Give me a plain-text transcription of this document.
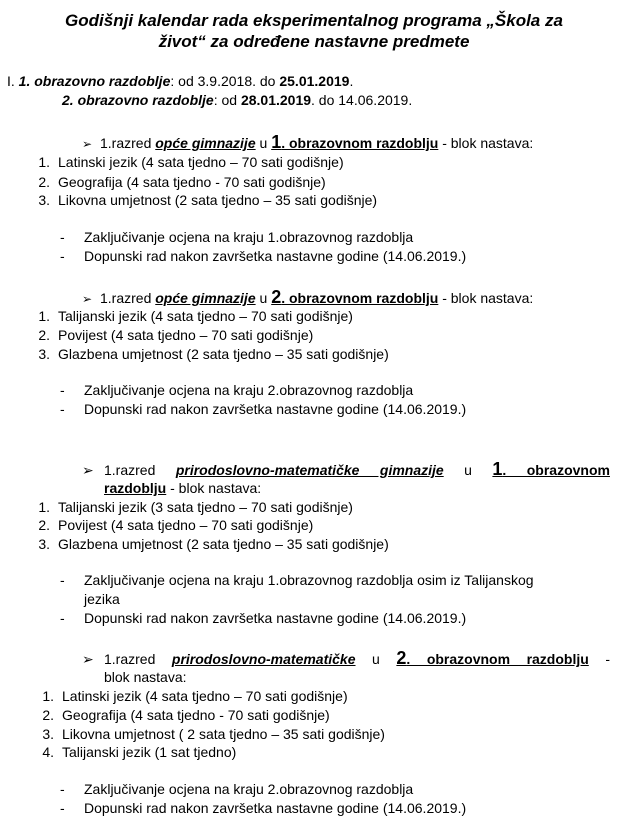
Godišnji kalendar rada eksperimentalnog programa „Škola za
život“ za određene nastavne predmete
I. 1. obrazovno razdoblje: od 3.9.2018. do 25.01.2019.
2. obrazovno razdoblje: od 28.01.2019. do 14.06.2019.
➢ 1.razred opće gimnazije u 1. obrazovnom razdoblju - blok nastava:
1. Latinski jezik (4 sata tjedno – 70 sati godišnje)
2. Geografija (4 sata tjedno - 70 sati godišnje)
3. Likovna umjetnost (2 sata tjedno – 35 sati godišnje)
- Zaključivanje ocjena na kraju 1.obrazovnog razdoblja
- Dopunski rad nakon završetka nastavne godine (14.06.2019.)
➢ 1.razred opće gimnazije u 2. obrazovnom razdoblju - blok nastava:
1. Talijanski jezik (4 sata tjedno – 70 sati godišnje)
2. Povijest (4 sata tjedno – 70 sati godišnje)
3. Glazbena umjetnost (2 sata tjedno – 35 sati godišnje)
- Zaključivanje ocjena na kraju 2.obrazovnog razdoblja
- Dopunski rad nakon završetka nastavne godine (14.06.2019.)
➢ 1.razred prirodoslovno-matematičke gimnazije u 1. obrazovnom
razdoblju - blok nastava:
1. Talijanski jezik (3 sata tjedno – 70 sati godišnje)
2. Povijest (4 sata tjedno – 70 sati godišnje)
3. Glazbena umjetnost (2 sata tjedno – 35 sati godišnje)
- Zaključivanje ocjena na kraju 1.obrazovnog razdoblja osim iz Talijanskog
jezika
- Dopunski rad nakon završetka nastavne godine (14.06.2019.)
➢ 1.razred prirodoslovno-matematičke u 2. obrazovnom razdoblju -
blok nastava:
1. Latinski jezik (4 sata tjedno – 70 sati godišnje)
2. Geografija (4 sata tjedno - 70 sati godišnje)
3. Likovna umjetnost ( 2 sata tjedno – 35 sati godišnje)
4. Talijanski jezik (1 sat tjedno)
- Zaključivanje ocjena na kraju 2.obrazovnog razdoblja
- Dopunski rad nakon završetka nastavne godine (14.06.2019.)
